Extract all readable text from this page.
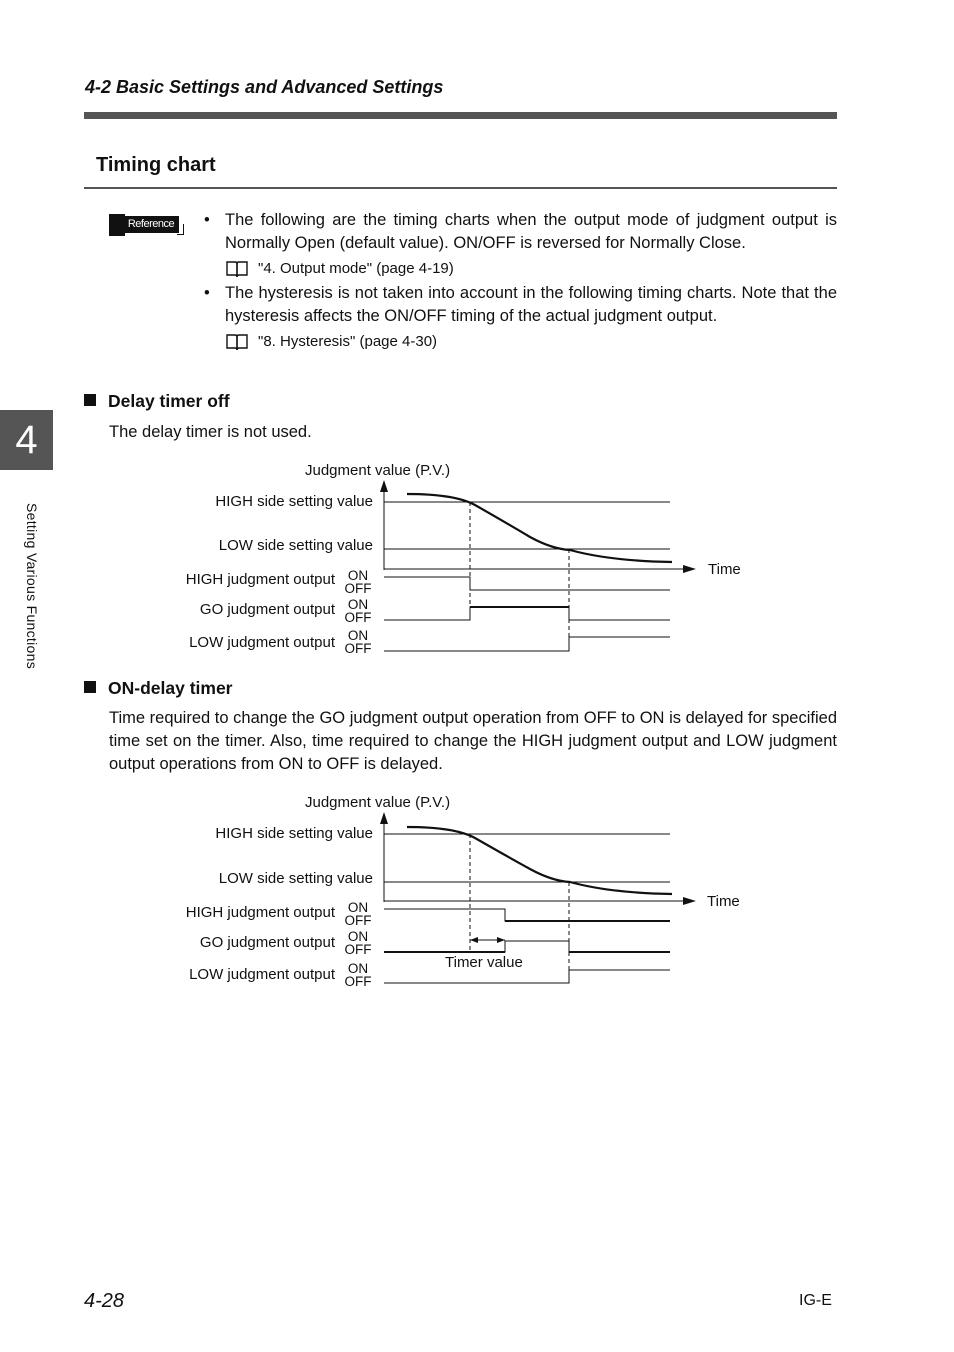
4-2 Basic Settings and Advanced Settings
Timing chart
Reference • The following are the timing charts when the output mode of judgment output is Normally Open (default value). ON/OFF is reversed for Normally Close.
"4. Output mode" (page 4-19)
• The hysteresis is not taken into account in the following timing charts. Note that the hysteresis affects the ON/OFF timing of the actual judgment output.
"8. Hysteresis" (page 4-30)
4
Setting Various Functions
Delay timer off
The delay timer is not used.
Judgment value (P.V.)
HIGH side setting value
LOW side setting value
Time
HIGH judgment output
GO judgment output
LOW judgment output
ON
OFF
ON
OFF
ON
OFF
ON-delay timer
Time required to change the GO judgment output operation from OFF to ON is delayed for specified time set on the timer. Also, time required to change the HIGH judgment output and LOW judgment output operations from ON to OFF is delayed.
Judgment value (P.V.)
HIGH side setting value
LOW side setting value
Time
HIGH judgment output
GO judgment output
LOW judgment output
Timer value
ON
OFF
ON
OFF
ON
OFF
4-28	IG-E
